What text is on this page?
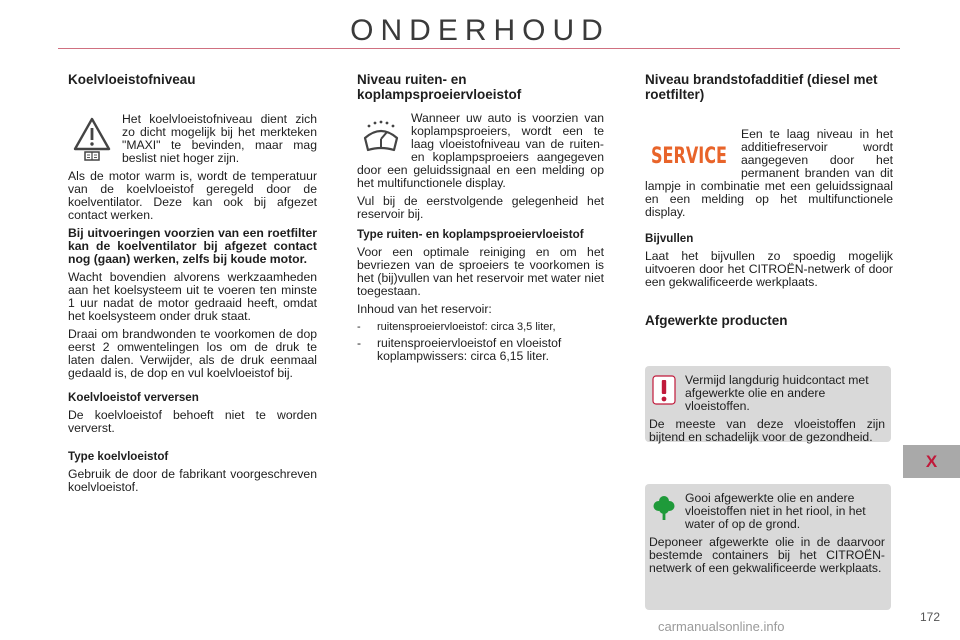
ONDERHOUD
Koelvloeistofniveau

Het koelvloeistofniveau dient zich zo dicht mogelijk bij het merkteken "MAXI" te bevinden, maar mag beslist niet hoger zijn.

Als de motor warm is, wordt de temperatuur van de koelvloeistof geregeld door de koelventilator. Deze kan ook bij afgezet contact werken.

Bij uitvoeringen voorzien van een roetfilter kan de koelventilator bij afgezet contact nog (gaan) werken, zelfs bij koude motor.

Wacht bovendien alvorens werkzaamheden aan het koelsysteem uit te voeren ten minste 1 uur nadat de motor gedraaid heeft, omdat het koelsysteem onder druk staat.

Draai om brandwonden te voorkomen de dop eerst 2 omwentelingen los om de druk te laten dalen. Verwijder, als de druk eenmaal gedaald is, de dop en vul koelvloeistof bij.

Koelvloeistof verversen

De koelvloeistof behoeft niet te worden ververst.

Type koelvloeistof

Gebruik de door de fabrikant voorgeschreven koelvloeistof.

Niveau ruiten- en koplampsproeiervloeistof

Wanneer uw auto is voorzien van koplampsproeiers, wordt een te laag vloeistofniveau van de ruiten- en koplampsproeiers aangegeven door een geluidssignaal en een melding op het multifunctionele display.

Vul bij de eerstvolgende gelegenheid het reservoir bij.

Type ruiten- en koplampsproeiervloeistof

Voor een optimale reiniging en om het bevriezen van de sproeiers te voorkomen is het (bij)vullen van het reservoir met water niet toegestaan.

Inhoud van het reservoir:

- ruitensproeiervloeistof: circa 3,5 liter,
- ruitensproeiervloeistof en vloeistof koplampwissers: circa 6,15 liter.
Niveau brandstofadditief (diesel met roetfilter)
SERVICE

Een te laag niveau in het additiefreservoir wordt aangegeven door het permanent branden van dit lampje in combinatie met een geluidssignaal en een melding op het multifunctionele display.

Bijvullen

Laat het bijvullen zo spoedig mogelijk uitvoeren door het CITROËN-netwerk of door een gekwalificeerde werkplaats.

Afgewerkte producten

Vermijd langdurig huidcontact met afgewerkte olie en andere vloeistoffen.

De meeste van deze vloeistoffen zijn bijtend en schadelijk voor de gezondheid.

Gooi afgewerkte olie en andere vloeistoffen niet in het riool, in het water of op de grond.

Deponeer afgewerkte olie in de daarvoor bestemde containers bij het CITROËN-netwerk of een gekwalificeerde werkplaats.

X
172
carmanualsonline.info
